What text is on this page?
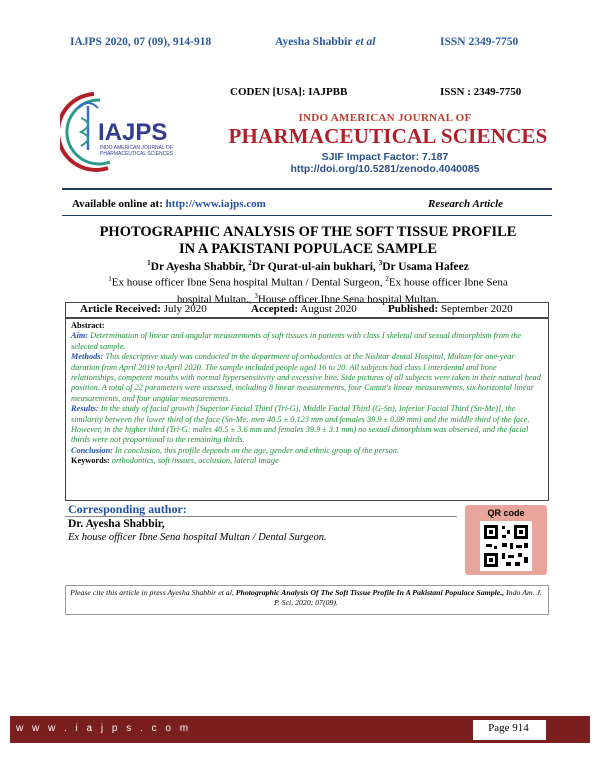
IAJPS 2020, 07 (09), 914-918	Ayesha Shabbir et al	ISSN 2349-7750
IAJPS
INDO AMERICAN JOURNAL OF
PHARMACEUTICAL SCIENCES
CODEN [USA]: IAJPBB	ISSN : 2349-7750
INDO AMERICAN JOURNAL OF
PHARMACEUTICAL SCIENCES
SJIF Impact Factor: 7.187
http://doi.org/10.5281/zenodo.4040085
Available online at: http://www.iajps.com	Research Article
PHOTOGRAPHIC ANALYSIS OF THE SOFT TISSUE PROFILE
IN A PAKISTANI POPULACE SAMPLE
$^1$Dr Ayesha Shabbir, $^2$Dr Qurat-ul-ain bukhari, $^3$Dr Usama Hafeez
$^1$Ex house officer Ibne Sena hospital Multan / Dental Surgeon, $^2$Ex house officer Ibne Sena
hospital Multan., $^3$House officer Ibne Sena hospital Multan.
Article Received: July 2020	Accepted: August 2020	Published: September 2020

Abstract:

Aim: Determination of linear and angular measurements of soft tissues in patients with class I skeletal and sexual dimorphism from the selected sample.

Methods: This descriptive study was conducted in the department of orthodontics at the Nishtar dental Hospital, Multan for one-year duration from April 2019 to April 2020. The sample included people aged 16 to 20. All subjects had class I interdental and bone relationships, competent mouths with normal hypersensitivity and excessive bite. Side pictures of all subjects were taken in their natural head position. A total of 22 parameters were assessed, including 8 linear measurements, four Camut's linear measurements, six horizontal linear measurements, and four angular measurements.

Results: In the study of facial growth [Superior Facial Third (Tri-G), Middle Facial Third (G-Sn), Inferior Facial Third (Sn-Me)], the similarity between the lower third of the face (Sn-Me: men 40.5 ± 0.123 mm and females 39.9 ± 0.09 mm) and the middle third of the face. However, in the higher third (Tri-G: males 40.5 ± 3.6 mm and females 39.9 ± 3.1 mm) no sexual dimorphism was observed, and the facial thirds were not proportional to the remaining thirds.

Conclusion: In conclusion, this profile depends on the age, gender and ethnic group of the person.

Keywords: orthodontics, soft tissues, occlusion, lateral image

Corresponding author:
Dr. Ayesha Shabbir,
Ex house officer Ibne Sena hospital Multan / Dental Surgeon.
QR code
Please cite this article in press Ayesha Shabbir et al, Photographic Analysis Of The Soft Tissue Profile In A Pakistani Populace Sample., Indo Am. J. P. Sci, 2020; 07(09).
w w w . i a j p s . c o m	Page 914
